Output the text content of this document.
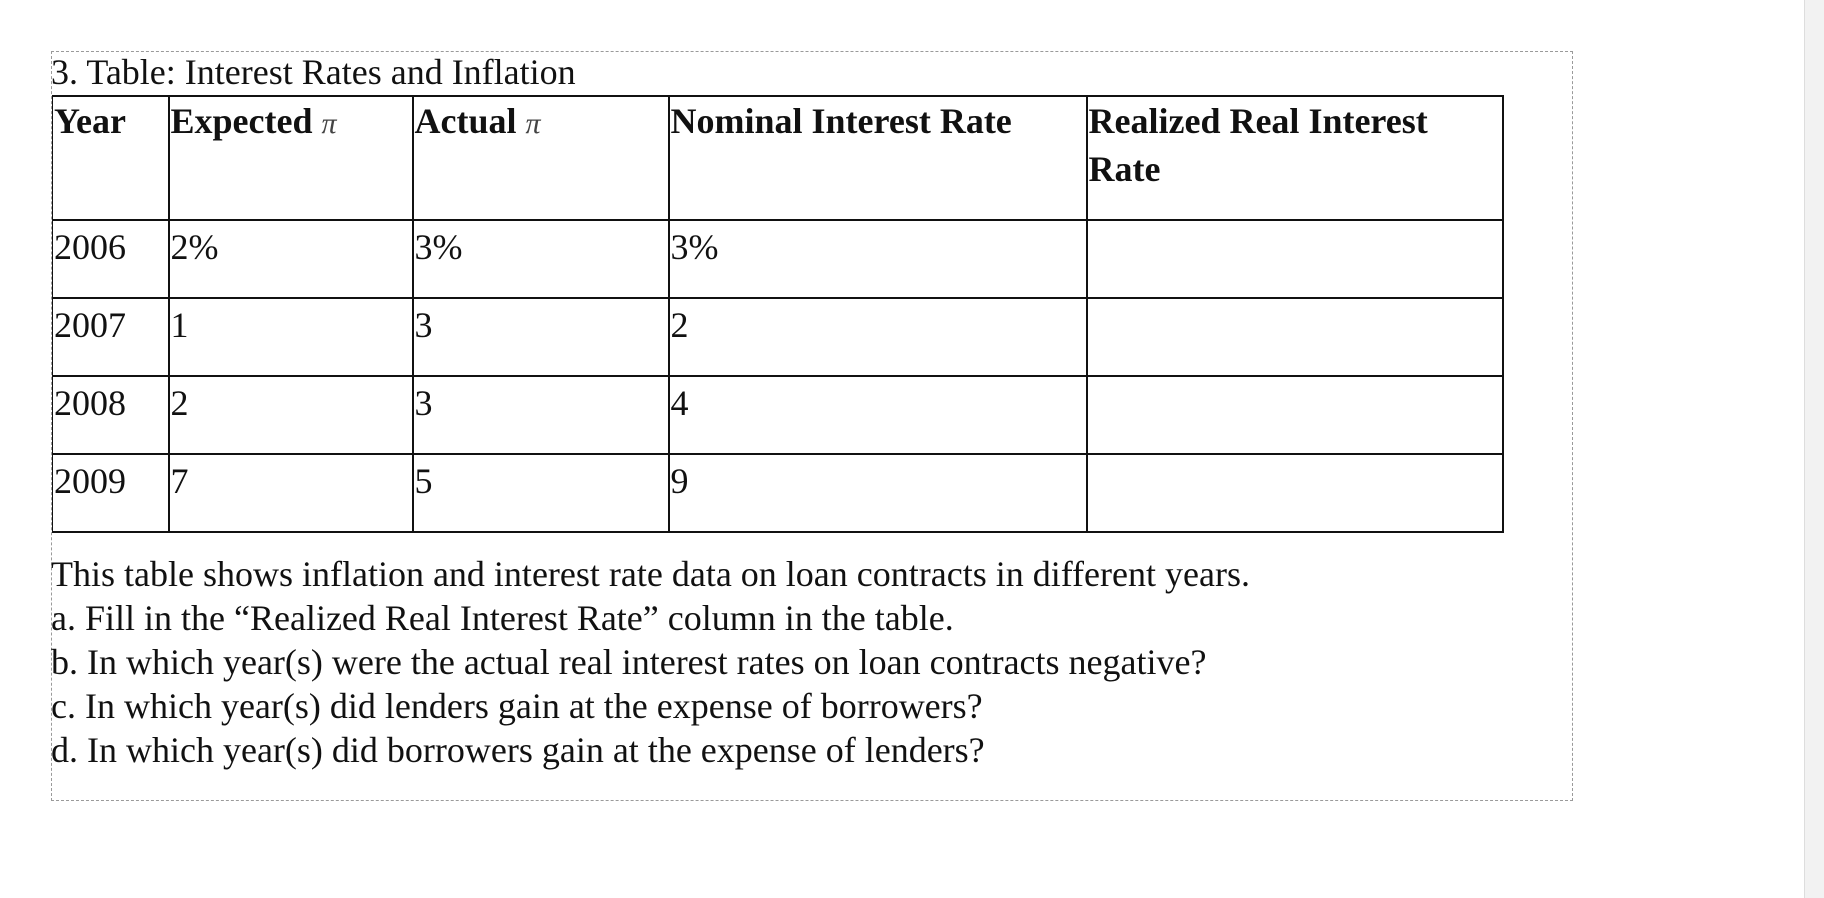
3. Table: Interest Rates and Inflation
Year	Expected π	Actual π	Nominal Interest Rate	Realized Real Interest Rate

2006	2%	3%	3%	

2007	1	3	2	

2008	2	3	4	

2009	7	5	9	

This table shows inflation and interest rate data on loan contracts in different years.
a. Fill in the “Realized Real Interest Rate” column in the table.
b. In which year(s) were the actual real interest rates on loan contracts negative?
c. In which year(s) did lenders gain at the expense of borrowers?
d. In which year(s) did borrowers gain at the expense of lenders?
